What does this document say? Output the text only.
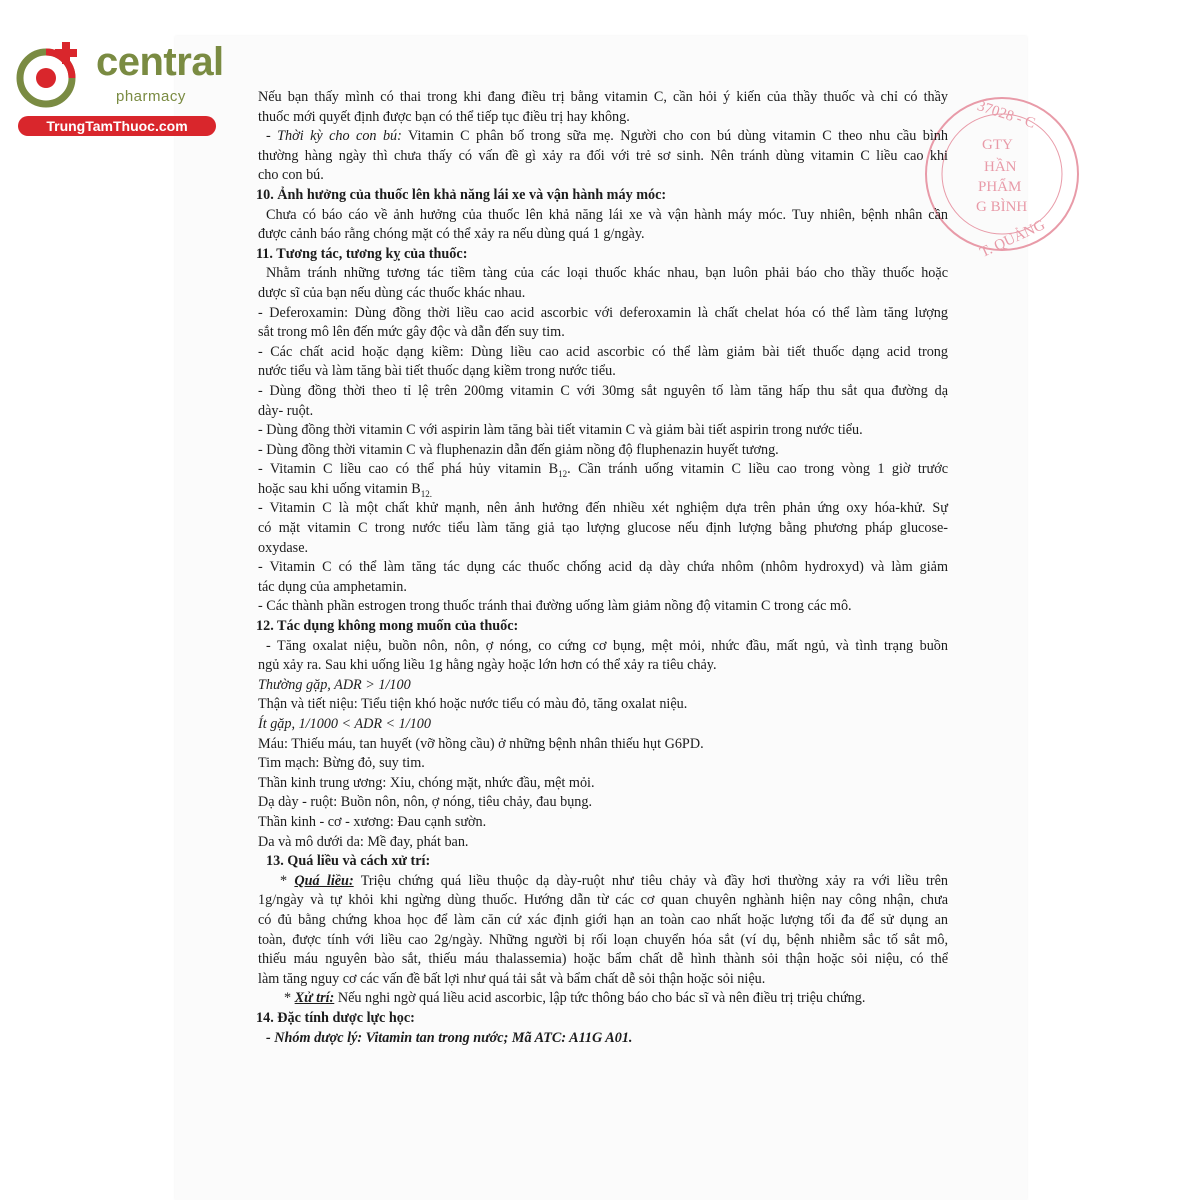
central
pharmacy
TrungTamThuoc.com	37028 - C
GTY
HẦN
PHẨM
G BÌNH
T. QUẢNG

Nếu bạn thấy mình có thai trong khi đang điều trị bằng vitamin C, cần hỏi ý kiến của thầy thuốc và chỉ có thầy

thuốc mới quyết định được bạn có thể tiếp tục điều trị hay không.

- Thời kỳ cho con bú: Vitamin C phân bố trong sữa mẹ. Người cho con bú dùng vitamin C theo nhu cầu bình

thường hàng ngày thì chưa thấy có vấn đề gì xảy ra đối với trẻ sơ sinh. Nên tránh dùng vitamin C liều cao khi

cho con bú.

10. Ảnh hưởng của thuốc lên khả năng lái xe và vận hành máy móc:

Chưa có báo cáo về ảnh hưởng của thuốc lên khả năng lái xe và vận hành máy móc. Tuy nhiên, bệnh nhân cần

được cảnh báo rằng chóng mặt có thể xảy ra nếu dùng quá 1 g/ngày.

11. Tương tác, tương kỵ của thuốc:

Nhằm tránh những tương tác tiềm tàng của các loại thuốc khác nhau, bạn luôn phải báo cho thầy thuốc hoặc

dược sĩ của bạn nếu dùng các thuốc khác nhau.

- Deferoxamin: Dùng đồng thời liều cao acid ascorbic với deferoxamin là chất chelat hóa có thể làm tăng lượng

sắt trong mô lên đến mức gây độc và dẫn đến suy tim.

- Các chất acid hoặc dạng kiềm: Dùng liều cao acid ascorbic có thể làm giảm bài tiết thuốc dạng acid trong

nước tiểu và làm tăng bài tiết thuốc dạng kiềm trong nước tiểu.

- Dùng đồng thời theo tỉ lệ trên 200mg vitamin C với 30mg sắt nguyên tố làm tăng hấp thu sắt qua đường dạ

dày- ruột.

- Dùng đồng thời vitamin C với aspirin làm tăng bài tiết vitamin C và giảm bài tiết aspirin trong nước tiểu.

- Dùng đồng thời vitamin C và fluphenazin dẫn đến giảm nồng độ fluphenazin huyết tương.

- Vitamin C liều cao có thể phá hủy vitamin $B_{12}$. Cần tránh uống vitamin C liều cao trong vòng 1 giờ trước

hoặc sau khi uống vitamin $B_{12.}$

- Vitamin C là một chất khử mạnh, nên ảnh hưởng đến nhiều xét nghiệm dựa trên phản ứng oxy hóa-khử. Sự

có mặt vitamin C trong nước tiểu làm tăng giả tạo lượng glucose nếu định lượng bằng phương pháp glucose-

oxydase.

- Vitamin C có thể làm tăng tác dụng các thuốc chống acid dạ dày chứa nhôm (nhôm hydroxyd) và làm giảm

tác dụng của amphetamin.

- Các thành phần estrogen trong thuốc tránh thai đường uống làm giảm nồng độ vitamin C trong các mô.

12. Tác dụng không mong muốn của thuốc:

- Tăng oxalat niệu, buồn nôn, nôn, ợ nóng, co cứng cơ bụng, mệt mỏi, nhức đầu, mất ngủ, và tình trạng buồn

ngủ xảy ra. Sau khi uống liều 1g hằng ngày hoặc lớn hơn có thể xảy ra tiêu chảy.

Thường gặp, ADR > 1/100

Thận và tiết niệu: Tiểu tiện khó hoặc nước tiểu có màu đỏ, tăng oxalat niệu.

Ít gặp, 1/1000 < ADR < 1/100

Máu: Thiếu máu, tan huyết (vỡ hồng cầu) ở những bệnh nhân thiếu hụt G6PD.

Tim mạch: Bừng đỏ, suy tim.

Thần kinh trung ương: Xỉu, chóng mặt, nhức đầu, mệt mỏi.

Dạ dày - ruột: Buồn nôn, nôn, ợ nóng, tiêu chảy, đau bụng.

Thần kinh - cơ - xương: Đau cạnh sườn.

Da và mô dưới da: Mề đay, phát ban.

13. Quá liều và cách xử trí:

* Quá liều: Triệu chứng quá liều thuộc dạ dày-ruột như tiêu chảy và đầy hơi thường xảy ra với liều trên

1g/ngày và tự khỏi khi ngừng dùng thuốc. Hướng dẫn từ các cơ quan chuyên nghành hiện nay công nhận, chưa

có đủ bằng chứng khoa học để làm căn cứ xác định giới hạn an toàn cao nhất hoặc lượng tối đa để sử dụng an

toàn, được tính với liều cao 2g/ngày. Những người bị rối loạn chuyển hóa sắt (ví dụ, bệnh nhiễm sắc tố sắt mô,

thiếu máu nguyên bào sắt, thiếu máu thalassemia) hoặc bẩm chất dễ hình thành sỏi thận hoặc sỏi niệu, có thể

làm tăng nguy cơ các vấn đề bất lợi như quá tải sắt và bẩm chất dễ sỏi thận hoặc sỏi niệu.

* Xử trí: Nếu nghi ngờ quá liều acid ascorbic, lập tức thông báo cho bác sĩ và nên điều trị triệu chứng.

14. Đặc tính dược lực học:

- Nhóm dược lý: Vitamin tan trong nước; Mã ATC: A11G A01.
